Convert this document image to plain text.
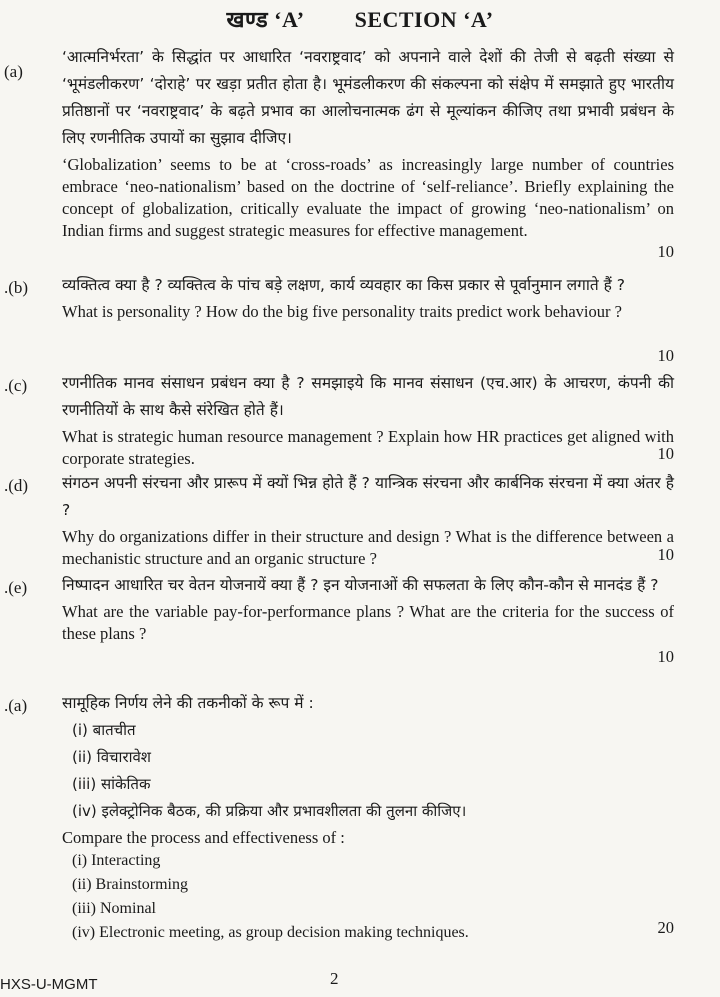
खण्ड ‘A’ SECTION ‘A’
(a)

‘आत्मनिर्भरता’ के सिद्धांत पर आधारित ‘नवराष्ट्रवाद’ को अपनाने वाले देशों की तेजी से बढ़ती संख्या से ‘भूमंडलीकरण’ ‘दोराहे’ पर खड़ा प्रतीत होता है। भूमंडलीकरण की संकल्पना को संक्षेप में समझाते हुए भारतीय प्रतिष्ठानों पर ‘नवराष्ट्रवाद’ के बढ़ते प्रभाव का आलोचनात्मक ढंग से मूल्यांकन कीजिए तथा प्रभावी प्रबंधन के लिए रणनीतिक उपायों का सुझाव दीजिए।

‘Globalization’ seems to be at ‘cross-roads’ as increasingly large number of countries embrace ‘neo-nationalism’ based on the doctrine of ‘self-reliance’. Briefly explaining the concept of globalization, critically evaluate the impact of growing ‘neo-nationalism’ on Indian firms and suggest strategic measures for effective management.

10
.(b) व्यक्तित्व क्या है ? व्यक्तित्व के पांच बड़े लक्षण, कार्य व्यवहार का किस प्रकार से पूर्वानुमान लगाते हैं ?

What is personality ? How do the big five personality traits predict work behaviour ?

10
.(c) रणनीतिक मानव संसाधन प्रबंधन क्या है ? समझाइये कि मानव संसाधन (एच.आर) के आचरण, कंपनी की रणनीतियों के साथ कैसे संरेखित होते हैं।

What is strategic human resource management ? Explain how HR practices get aligned with corporate strategies.	10
.(d) संगठन अपनी संरचना और प्रारूप में क्यों भिन्न होते हैं ? यान्त्रिक संरचना और कार्बनिक संरचना में क्या अंतर है ?

Why do organizations differ in their structure and design ? What is the difference between a mechanistic structure and an organic structure ?	10
.(e) निष्पादन आधारित चर वेतन योजनायें क्या हैं ? इन योजनाओं की सफलता के लिए कौन-कौन से मानदंड हैं ?

What are the variable pay-for-performance plans ? What are the criteria for the success of these plans ?

10
.(a) सामूहिक निर्णय लेने की तकनीकों के रूप में :

(i) बातचीत
(ii) विचारावेश
(iii) सांकेतिक
(iv) इलेक्ट्रोनिक बैठक, की प्रक्रिया और प्रभावशीलता की तुलना कीजिए।

Compare the process and effectiveness of :

(i) Interacting
(ii) Brainstorming
(iii) Nominal
(iv) Electronic meeting, as group decision making techniques.	20
HXS-U-MGMT	2
